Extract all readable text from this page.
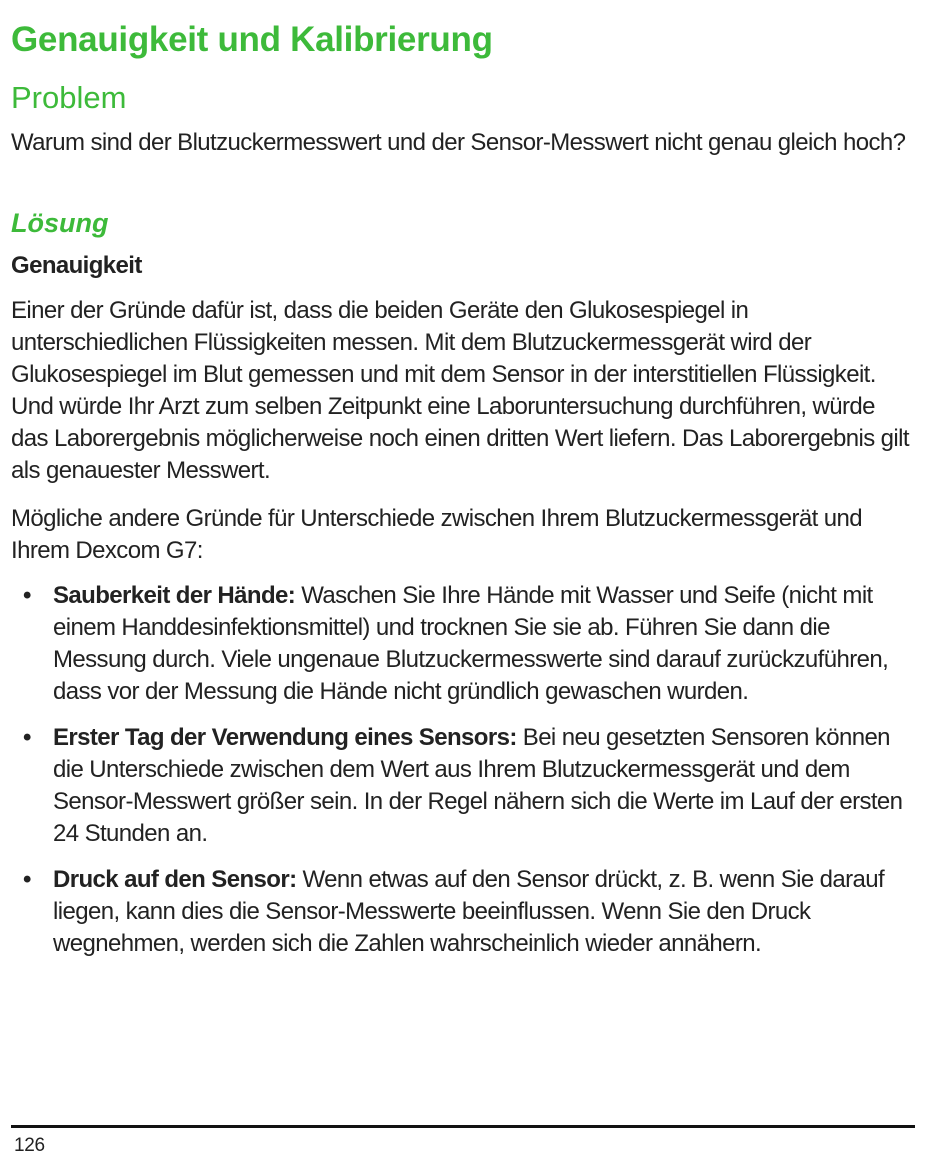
Genauigkeit und Kalibrierung
Problem

Warum sind der Blutzuckermesswert und der Sensor-Messwert nicht genau gleich hoch?

Lösung

Genauigkeit

Einer der Gründe dafür ist, dass die beiden Geräte den Glukosespiegel in unterschiedlichen Flüssigkeiten messen. Mit dem Blutzuckermessgerät wird der Glukosespiegel im Blut gemessen und mit dem Sensor in der interstitiellen Flüssigkeit. Und würde Ihr Arzt zum selben Zeitpunkt eine Laboruntersuchung durchführen, würde das Laborergebnis möglicherweise noch einen dritten Wert liefern. Das Laborergebnis gilt als genauester Messwert.

Mögliche andere Gründe für Unterschiede zwischen Ihrem Blutzuckermessgerät und Ihrem Dexcom G7:

• Sauberkeit der Hände: Waschen Sie Ihre Hände mit Wasser und Seife (nicht mit einem Handdesinfektionsmittel) und trocknen Sie sie ab. Führen Sie dann die Messung durch. Viele ungenaue Blutzuckermesswerte sind darauf zurückzuführen, dass vor der Messung die Hände nicht gründlich gewaschen wurden.
• Erster Tag der Verwendung eines Sensors: Bei neu gesetzten Sensoren können die Unterschiede zwischen dem Wert aus Ihrem Blutzuckermessgerät und dem Sensor-Messwert größer sein. In der Regel nähern sich die Werte im Lauf der ersten 24 Stunden an.
• Druck auf den Sensor: Wenn etwas auf den Sensor drückt, z. B. wenn Sie darauf liegen, kann dies die Sensor-Messwerte beeinflussen. Wenn Sie den Druck wegnehmen, werden sich die Zahlen wahrscheinlich wieder annähern.
126
